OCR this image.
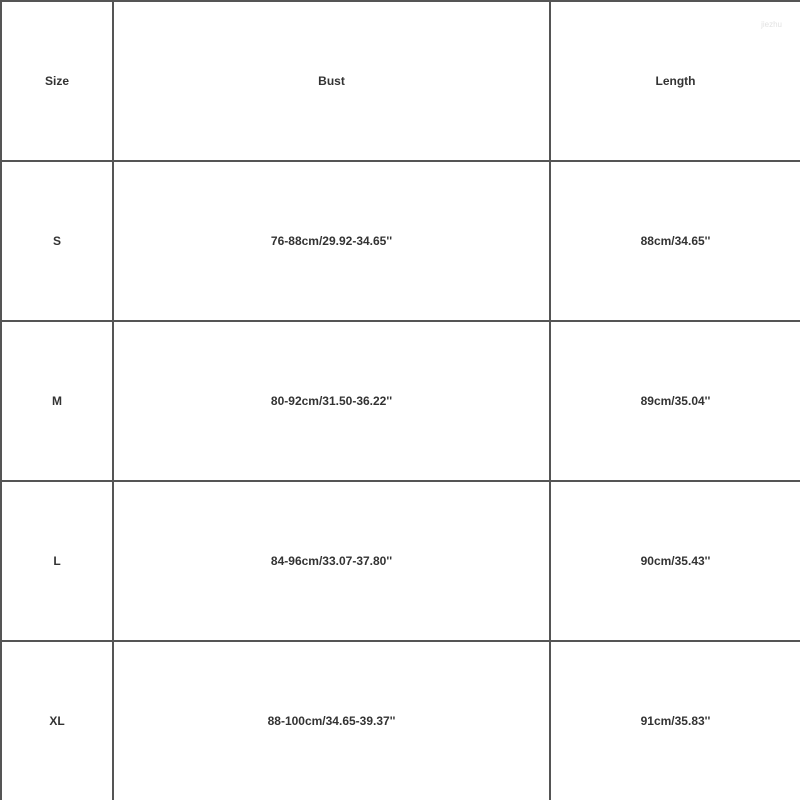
Size	Bust	Length
S	76-88cm/29.92-34.65''	88cm/34.65''
M	80-92cm/31.50-36.22''	89cm/35.04''
L	84-96cm/33.07-37.80''	90cm/35.43''
XL	88-100cm/34.65-39.37''	91cm/35.83''
jiezhu
